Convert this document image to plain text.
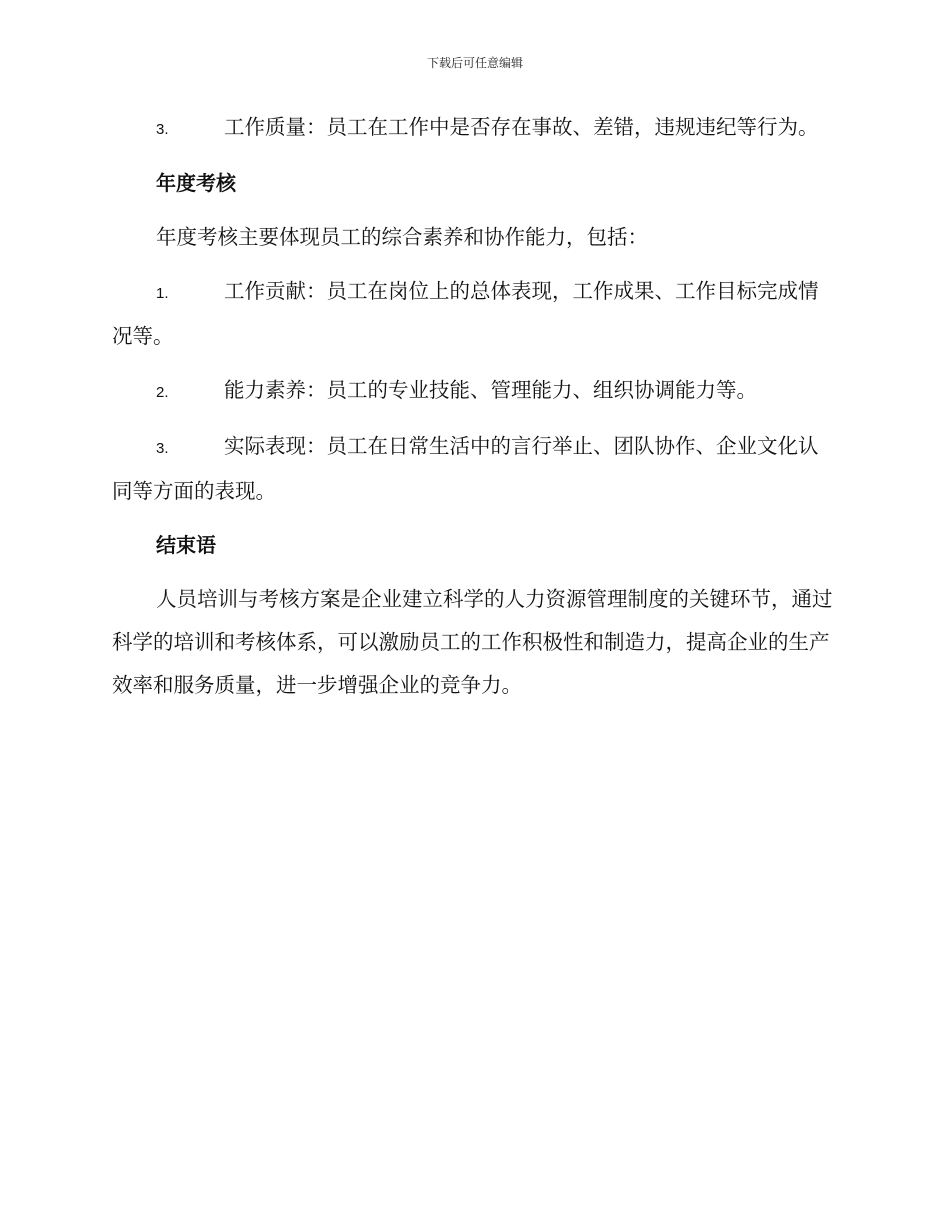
下载后可任意编辑
3.	工作质量：员工在工作中是否存在事故、差错，违规违纪等行为。
年度考核
年度考核主要体现员工的综合素养和协作能力，包括：
1.	工作贡献：员工在岗位上的总体表现，工作成果、工作目标完成情况等。
2.	能力素养：员工的专业技能、管理能力、组织协调能力等。
3.	实际表现：员工在日常生活中的言行举止、团队协作、企业文化认同等方面的表现。
结束语
人员培训与考核方案是企业建立科学的人力资源管理制度的关键环节，通过科学的培训和考核体系，可以激励员工的工作积极性和制造力，提高企业的生产效率和服务质量，进一步增强企业的竞争力。
